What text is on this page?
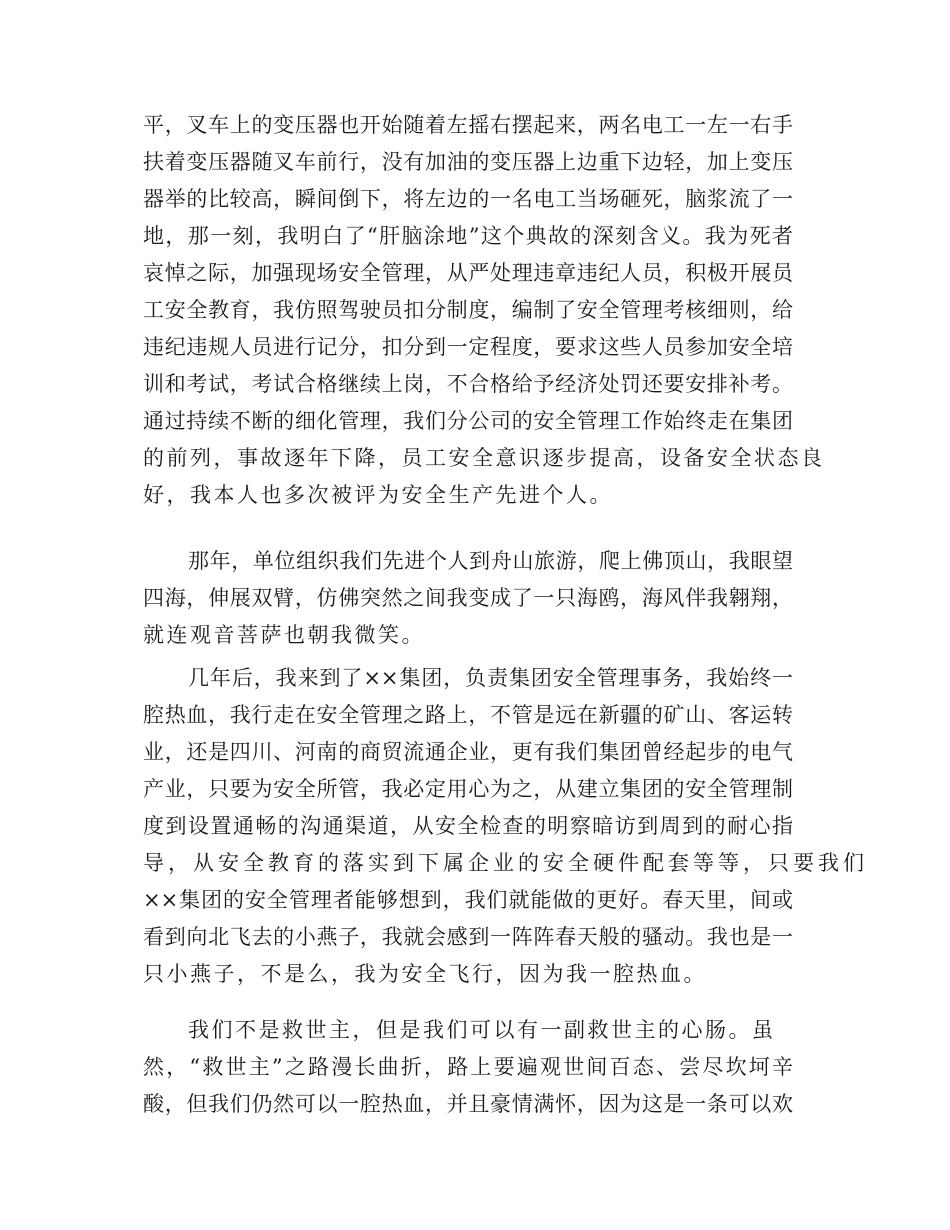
平，叉车上的变压器也开始随着左摇右摆起来，两名电工一左一右手
扶着变压器随叉车前行，没有加油的变压器上边重下边轻，加上变压
器举的比较高，瞬间倒下，将左边的一名电工当场砸死，脑浆流了一
地，那一刻，我明白了“肝脑涂地”这个典故的深刻含义。我为死者
哀悼之际，加强现场安全管理，从严处理违章违纪人员，积极开展员
工安全教育，我仿照驾驶员扣分制度，编制了安全管理考核细则，给
违纪违规人员进行记分，扣分到一定程度，要求这些人员参加安全培
训和考试，考试合格继续上岗，不合格给予经济处罚还要安排补考。
通过持续不断的细化管理，我们分公司的安全管理工作始终走在集团
的前列，事故逐年下降，员工安全意识逐步提高，设备安全状态良
好，我本人也多次被评为安全生产先进个人。
那年，单位组织我们先进个人到舟山旅游，爬上佛顶山，我眼望
四海，伸展双臂，仿佛突然之间我变成了一只海鸥，海风伴我翱翔，
就连观音菩萨也朝我微笑。
几年后，我来到了××集团，负责集团安全管理事务，我始终一
腔热血，我行走在安全管理之路上，不管是远在新疆的矿山、客运转
业，还是四川、河南的商贸流通企业，更有我们集团曾经起步的电气
产业，只要为安全所管，我必定用心为之，从建立集团的安全管理制
度到设置通畅的沟通渠道，从安全检查的明察暗访到周到的耐心指
导，从安全教育的落实到下属企业的安全硬件配套等等，只要我们
××集团的安全管理者能够想到，我们就能做的更好。春天里，间或
看到向北飞去的小燕子，我就会感到一阵阵春天般的骚动。我也是一
只小燕子，不是么，我为安全飞行，因为我一腔热血。
我们不是救世主，但是我们可以有一副救世主的心肠。虽
然，“救世主”之路漫长曲折，路上要遍观世间百态、尝尽坎坷辛
酸，但我们仍然可以一腔热血，并且豪情满怀，因为这是一条可以欢
